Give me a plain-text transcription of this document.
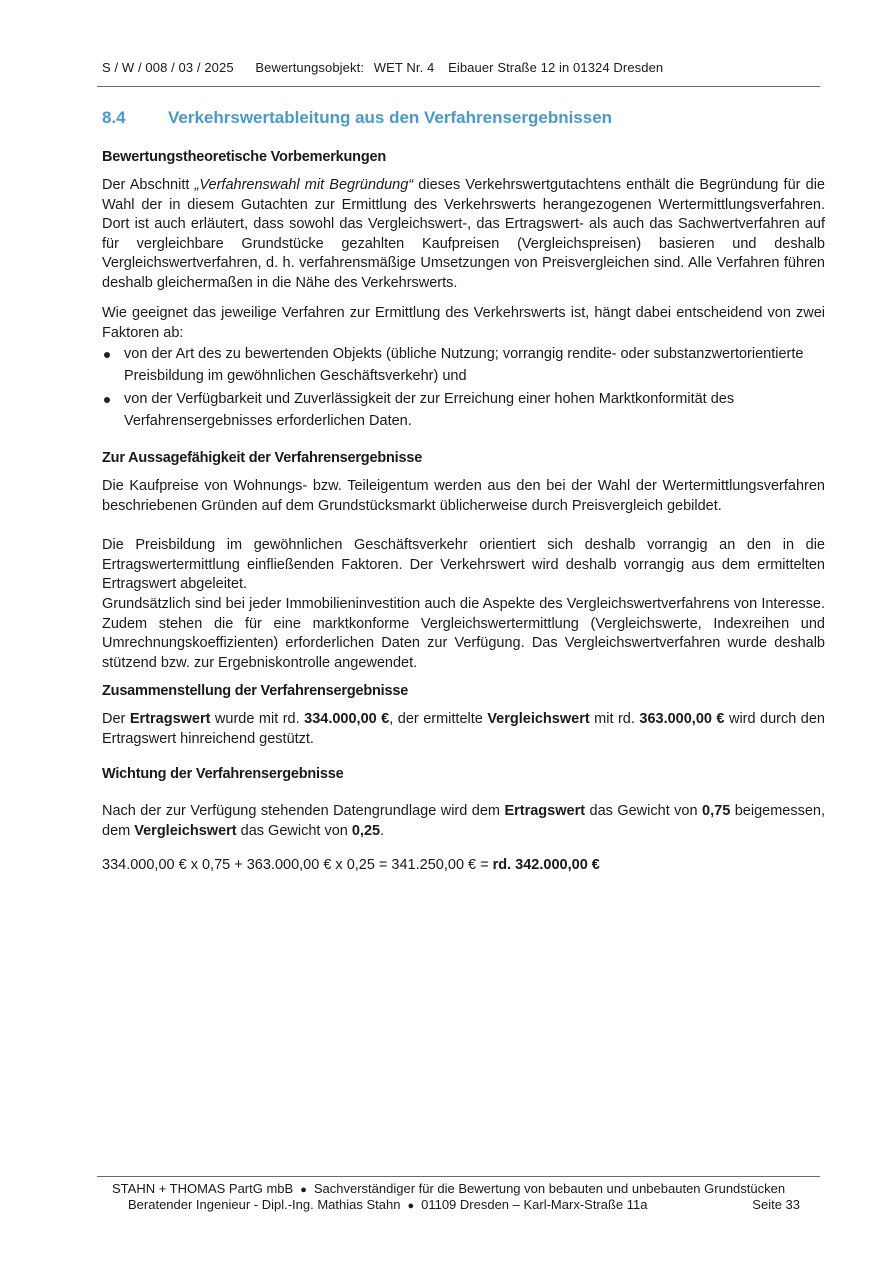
S / W / 008 / 03 / 2025 Bewertungsobjekt: WET Nr. 4 Eibauer Straße 12 in 01324 Dresden
8.4 Verkehrswertableitung aus den Verfahrensergebnissen
Bewertungstheoretische Vorbemerkungen
Der Abschnitt „Verfahrenswahl mit Begründung“ dieses Verkehrswertgutachtens enthält die Begründung für die Wahl der in diesem Gutachten zur Ermittlung des Verkehrswerts herangezogenen Wertermittlungsverfahren. Dort ist auch erläutert, dass sowohl das Vergleichswert-, das Ertragswert- als auch das Sachwertverfahren auf für vergleichbare Grundstücke gezahlten Kaufpreisen (Vergleichspreisen) basieren und deshalb Vergleichswertverfahren, d. h. verfahrensmäßige Umsetzungen von Preisvergleichen sind. Alle Verfahren führen deshalb gleichermaßen in die Nähe des Verkehrswerts.
Wie geeignet das jeweilige Verfahren zur Ermittlung des Verkehrswerts ist, hängt dabei entscheidend von zwei Faktoren ab:
von der Art des zu bewertenden Objekts (übliche Nutzung; vorrangig rendite- oder substanzwertorientierte Preisbildung im gewöhnlichen Geschäftsverkehr) und
von der Verfügbarkeit und Zuverlässigkeit der zur Erreichung einer hohen Marktkonformität des Verfahrensergebnisses erforderlichen Daten.
Zur Aussagefähigkeit der Verfahrensergebnisse
Die Kaufpreise von Wohnungs- bzw. Teileigentum werden aus den bei der Wahl der Wertermittlungsverfahren beschriebenen Gründen auf dem Grundstücksmarkt üblicherweise durch Preisvergleich gebildet.
Die Preisbildung im gewöhnlichen Geschäftsverkehr orientiert sich deshalb vorrangig an den in die Ertragswertermittlung einfließenden Faktoren. Der Verkehrswert wird deshalb vorrangig aus dem ermittelten Ertragswert abgeleitet.
Grundsätzlich sind bei jeder Immobilieninvestition auch die Aspekte des Vergleichswertverfahrens von Interesse. Zudem stehen die für eine marktkonforme Vergleichswertermittlung (Vergleichswerte, Indexreihen und Umrechnungskoeffizienten) erforderlichen Daten zur Verfügung. Das Vergleichswertverfahren wurde deshalb stützend bzw. zur Ergebniskontrolle angewendet.
Zusammenstellung der Verfahrensergebnisse
Der Ertragswert wurde mit rd. 334.000,00 €, der ermittelte Vergleichswert mit rd. 363.000,00 € wird durch den Ertragswert hinreichend gestützt.
Wichtung der Verfahrensergebnisse
Nach der zur Verfügung stehenden Datengrundlage wird dem Ertragswert das Gewicht von 0,75 beigemessen, dem Vergleichswert das Gewicht von 0,25.
334.000,00 € x 0,75 + 363.000,00 € x 0,25 = 341.250,00 € = rd. 342.000,00 €
STAHN + THOMAS PartG mbB ● Sachverständiger für die Bewertung von bebauten und unbebauten Grundstücken
Beratender Ingenieur - Dipl.-Ing. Mathias Stahn ● 01109 Dresden – Karl-Marx-Straße 11a	Seite 33
